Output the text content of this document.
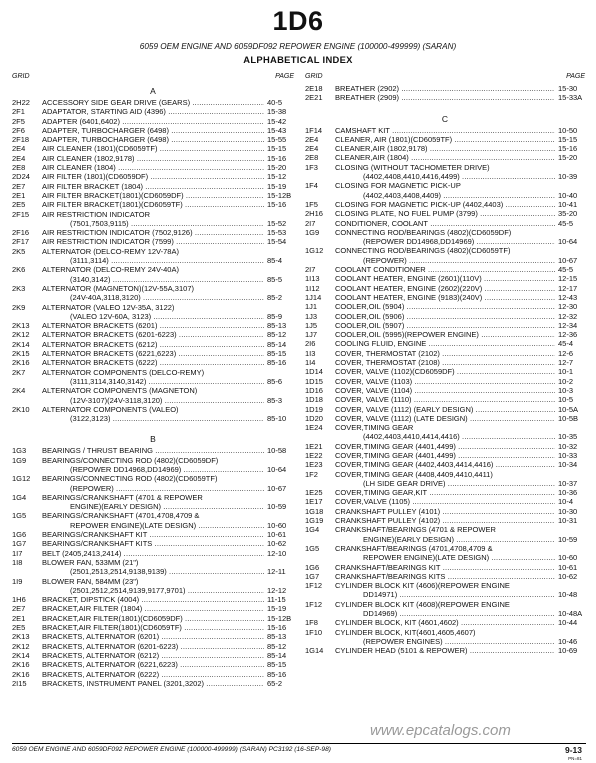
1D6
6059 OEM ENGINE AND 6059DF092 REPOWER ENGINE (100000-499999) (SARAN)
ALPHABETICAL INDEX
GRID	PAGE
A
2H22	ACCESSORY SIDE GEAR DRIVE (GEARS) .....	40-5
2F1	ADAPTATOR, STARTING AID (4396) .....	15-38
2F5	ADAPTER (6401,6402) .....	15-42
2F6	ADAPTER, TURBOCHARGER (6498) .....	15-43
2F18	ADAPTER, TURBOCHARGER (6498) .....	15-55
2E4	AIR CLEANER (1801)(CD6059TF) .....	15-15
2E4	AIR CLEANER (1802,9178) .....	15-16
2E8	AIR CLEANER (1804) .....	15-20
2D24	AIR FILTER (1801)(CD6059DF) .....	15-12
2E7	AIR FILTER BRACKET (1804) .....	15-19
2E1	AIR FILTER BRACKET(1801)(CD6059DF) .....	15-12B
2E5	AIR FILTER BRACKET(1801)(CD6059TF) .....	15-16
2F15	AIR RESTRICTION INDICATOR
(7501,7503,9115) .....	15-52
2F16	AIR RESTRICTION INDICATOR (7502,9126) .....	15-53
2F17	AIR RESTRICTION INDICATOR (7599) .....	15-54
2K5	ALTERNATOR (DELCO-REMY 12V-78A)
(3111,3114) .....	85-4
2K6	ALTERNATOR (DELCO-REMY 24V-40A)
(3140,3142) .....	85-5
2K3	ALTERNATOR (MAGNETON)(12V-55A,3107)
(24V-40A,3118,3120) .....	85-2
2K9	ALTERNATOR (VALEO 12V-35A, 3122)
(VALEO 12V-60A, 3123) .....	85-9
2K13	ALTERNATOR BRACKETS (6201) .....	85-13
2K12	ALTERNATOR BRACKETS (6201-6223) .....	85-12
2K14	ALTERNATOR BRACKETS (6212) .....	85-14
2K15	ALTERNATOR BRACKETS (6221,6223) .....	85-15
2K16	ALTERNATOR BRACKETS (6222) .....	85-16
2K7	ALTERNATOR COMPONENTS (DELCO-REMY)
(3111,3114,3140,3142) .....	85-6
2K4	ALTERNATOR COMPONENTS (MAGNETON)
(12V-3107)(24V-3118,3120) .....	85-3
2K10	ALTERNATOR COMPONENTS (VALEO)
(3122,3123) .....	85-10
B
1G3	BEARINGS / THRUST BEARING .....	10-58
1G9	BEARINGS/CONNECTING ROD (4802)(CD6059DF)
(REPOWER DD14968,DD14969) .....	10-64
1G12	BEARINGS/CONNECTING ROD (4802)(CD6059TF)
(REPOWER) .....	10-67
1G4	BEARINGS/CRANKSHAFT (4701 & REPOWER
ENGINE)(EARLY DESIGN) .....	10-59
1G5	BEARINGS/CRANKSHAFT (4701,4708,4709 &
REPOWER ENGINE)(LATE DESIGN) .....	10-60
1G6	BEARINGS/CRANKSHAFT KIT .....	10-61
1G7	BEARINGS/CRANKSHAFT KITS .....	10-62
1I7	BELT (2405,2413,2414) .....	12-10
1I8	BLOWER FAN, 533MM (21")
(2501,2513,2514,9138,9139) .....	12-11
1I9	BLOWER FAN, 584MM (23")
(2501,2512,2514,9139,9177,9701) .....	12-12
1H6	BRACKET, DIPSTICK (4004) .....	11-15
2E7	BRACKET,AIR FILTER (1804) .....	15-19
2E1	BRACKET,AIR FILTER(1801)(CD6059DF) .....	15-12B
2E5	BRACKET,AIR FILTER(1801)(CD6059TF) .....	15-16
2K13	BRACKETS, ALTERNATOR (6201) .....	85-13
2K12	BRACKETS, ALTERNATOR (6201-6223) .....	85-12
2K14	BRACKETS, ALTERNATOR (6212) .....	85-14
2K16	BRACKETS, ALTERNATOR (6221,6223) .....	85-15
2K16	BRACKETS, ALTERNATOR (6222) .....	85-16
2I15	BRACKETS, INSTRUMENT PANEL (3201,3202) .....	65-2
GRID	PAGE
2E18	BREATHER (2902) .....	15-30
2E21	BREATHER (2909) .....	15-33A
C
1F14	CAMSHAFT KIT .....	10-50
2E4	CLEANER, AIR (1801)(CD6059TF) .....	15-15
2E4	CLEANER,AIR (1802,9178) .....	15-16
2E8	CLEANER,AIR (1804) .....	15-20
1F3	CLOSING (WITHOUT TACHOMETER DRIVE)
(4402,4408,4410,4416,4499) .....	10-39
1F4	CLOSING FOR MAGNETIC PICK-UP
(4402,4403,4408,4409) .....	10-40
1F5	CLOSING FOR MAGNETIC PICK-UP (4402,4403) .....	10-41
2H16	CLOSING PLATE, NO FUEL PUMP (3799) .....	35-20
2I7	CONDITIONER, COOLANT .....	45-5
1G9	CONNECTING ROD/BEARINGS (4802)(CD6059DF)
(REPOWER DD14968,DD14969) .....	10-64
1G12	CONNECTING ROD/BEARINGS (4802)(CD6059TF)
(REPOWER) .....	10-67
2I7	COOLANT CONDITIONER .....	45-5
1I13	COOLANT HEATER, ENGINE (2601)(110V) .....	12-15
1I12	COOLANT HEATER, ENGINE (2602)(220V) .....	12-17
1J14	COOLANT HEATER, ENGINE (9183)(240V) .....	12-43
1J1	COOLER,OIL (5904) .....	12-30
1J3	COOLER,OIL (5906) .....	12-32
1J5	COOLER,OIL (5907) .....	12-34
1J7	COOLER,OIL (5995)(REPOWER ENGINE) .....	12-36
2I6	COOLING FLUID, ENGINE .....	45-4
1I3	COVER, THERMOSTAT (2102) .....	12-6
1I4	COVER, THERMOSTAT (2108) .....	12-7
1D14	COVER, VALVE (1102)(CD6059DF) .....	10-1
1D15	COVER, VALVE (1103) .....	10-2
1D16	COVER, VALVE (1104) .....	10-3
1D18	COVER, VALVE (1110) .....	10-5
1D19	COVER, VALVE (1112) (EARLY DESIGN) .....	10-5A
1D20	COVER, VALVE (1112) (LATE DESIGN) .....	10-5B
1E24	COVER,TIMING GEAR
(4402,4403,4410,4414,4416) .....	10-35
1E21	COVER,TIMING GEAR (4401,4499) .....	10-32
1E22	COVER,TIMING GEAR (4401,4499) .....	10-33
1E23	COVER,TIMING GEAR (4402,4403,4414,4416) .....	10-34
1F2	COVER,TIMING GEAR (4408,4409,4410,4411)
(LH SIDE GEAR DRIVE) .....	10-37
1E25	COVER,TIMING GEAR,KIT .....	10-36
1E17	COVER,VALVE (1105) .....	10-4
1G18	CRANKSHAFT PULLEY (4101) .....	10-30
1G19	CRANKSHAFT PULLEY (4102) .....	10-31
1G4	CRANKSHAFT/BEARINGS (4701 & REPOWER
ENGINE)(EARLY DESIGN) .....	10-59
1G5	CRANKSHAFT/BEARINGS (4701,4708,4709 &
REPOWER ENGINE)(LATE DESIGN) .....	10-60
1G6	CRANKSHAFT/BEARINGS KIT .....	10-61
1G7	CRANKSHAFT/BEARINGS KITS .....	10-62
1F12	CYLINDER BLOCK KIT (4606)(REPOWER ENGINE
DD14971) .....	10-48
1F12	CYLINDER BLOCK KIT (4608)(REPOWER ENGINE
DD14969) .....	10-48A
1F8	CYLINDER BLOCK, KIT (4601,4602) .....	10-44
1F10	CYLINDER BLOCK, KIT(4601,4605,4607)
(REPOWER ENGINES) .....	10-46
1G14	CYLINDER HEAD (5101 & REPOWER) .....	10-69
www.epcatalogs.com
6059 OEM ENGINE AND 6059DF092 REPOWER ENGINE (100000-499999) (SARAN) PC3192 (16-SEP-98)	9-13
PN=81
